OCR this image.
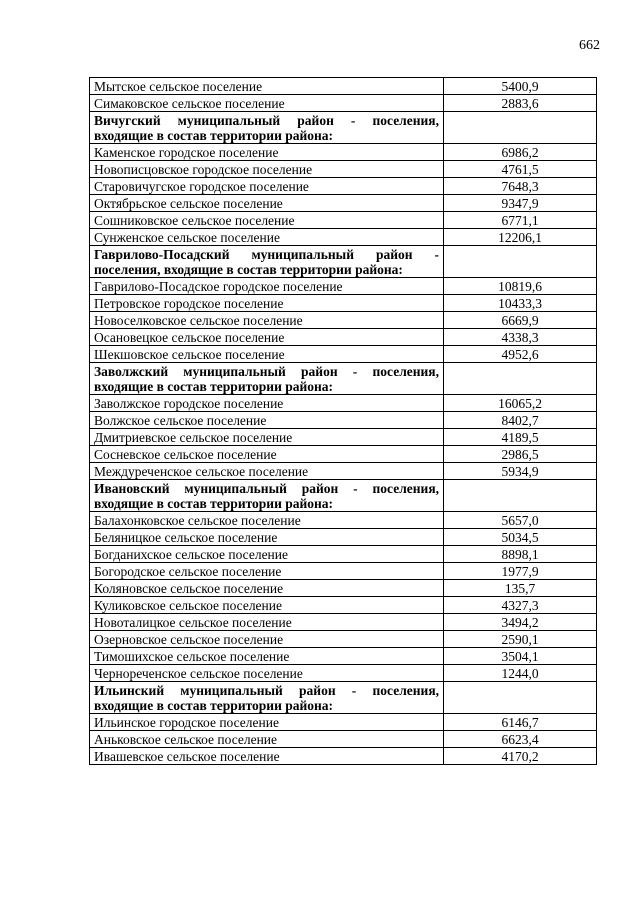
662
Мытское сельское поселение	5400,9
Симаковское сельское поселение	2883,6
Вичугский муниципальный район - поселения, входящие в состав территории района:	
Каменское городское поселение	6986,2
Новописцовское городское поселение	4761,5
Старовичугское городское поселение	7648,3
Октябрьское сельское поселение	9347,9
Сошниковское сельское поселение	6771,1
Сунженское сельское поселение	12206,1
Гаврилово-Посадский муниципальный район - поселения, входящие в состав территории района:	
Гаврилово-Посадское городское поселение	10819,6
Петровское городское поселение	10433,3
Новоселковское сельское поселение	6669,9
Осановецкое сельское поселение	4338,3
Шекшовское сельское поселение	4952,6
Заволжский муниципальный район - поселения, входящие в состав территории района:	
Заволжское городское поселение	16065,2
Волжское сельское поселение	8402,7
Дмитриевское сельское поселение	4189,5
Сосневское сельское поселение	2986,5
Междуреченское сельское поселение	5934,9
Ивановский муниципальный район - поселения, входящие в состав территории района:	
Балахонковское сельское поселение	5657,0
Беляницкое сельское поселение	5034,5
Богданихское сельское поселение	8898,1
Богородское сельское поселение	1977,9
Коляновское сельское поселение	135,7
Куликовское сельское поселение	4327,3
Новоталицкое сельское поселение	3494,2
Озерновское сельское поселение	2590,1
Тимошихское сельское поселение	3504,1
Чернореченское сельское поселение	1244,0
Ильинский муниципальный район - поселения, входящие в состав территории района:	
Ильинское городское поселение	6146,7
Аньковское сельское поселение	6623,4
Ивашевское сельское поселение	4170,2
